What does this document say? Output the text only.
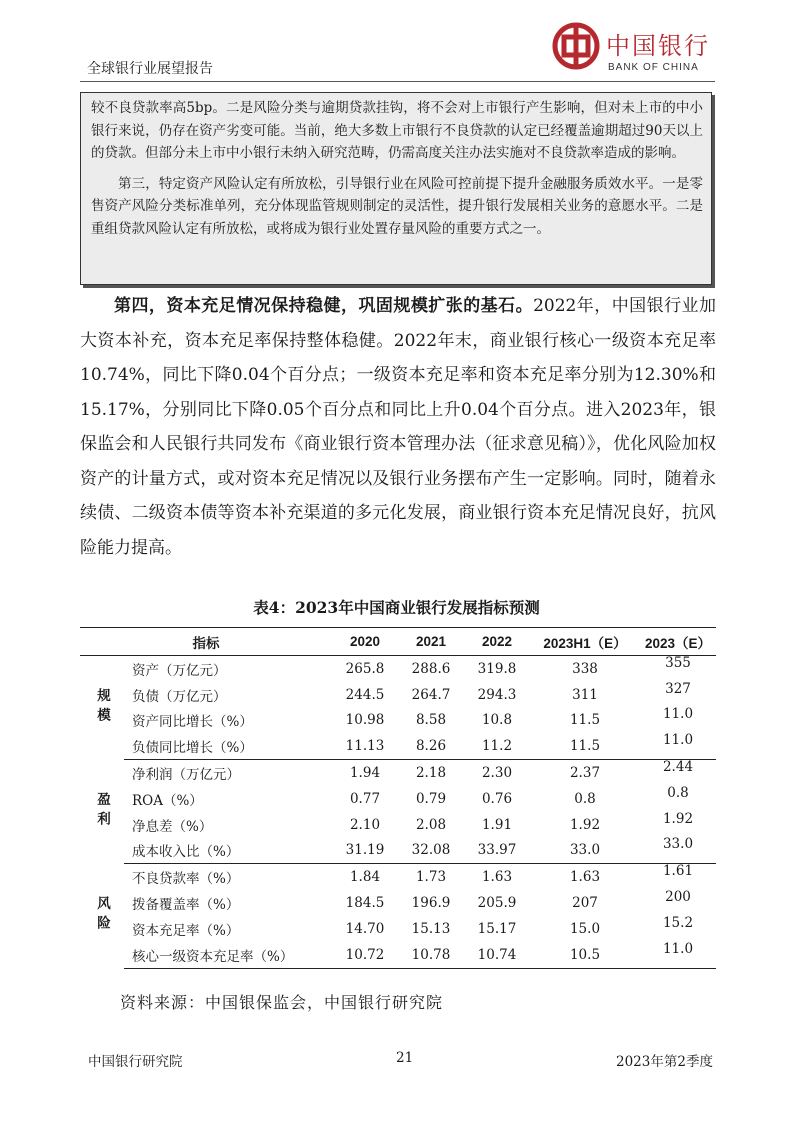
全球银行业展望报告
中国银行
BANK OF CHINA

较不良贷款率高5bp。二是风险分类与逾期贷款挂钩，将不会对上市银行产生影响，但对未上市的中小银行来说，仍存在资产劣变可能。当前，绝大多数上市银行不良贷款的认定已经覆盖逾期超过90天以上的贷款。但部分未上市中小银行未纳入研究范畴，仍需高度关注办法实施对不良贷款率造成的影响。

第三，特定资产风险认定有所放松，引导银行业在风险可控前提下提升金融服务质效水平。一是零售资产风险分类标准单列，充分体现监管规则制定的灵活性，提升银行发展相关业务的意愿水平。二是重组贷款风险认定有所放松，或将成为银行业处置存量风险的重要方式之一。

第四，资本充足情况保持稳健，巩固规模扩张的基石。2022年，中国银行业加大资本补充，资本充足率保持整体稳健。2022年末，商业银行核心一级资本充足率10.74%，同比下降0.04个百分点；一级资本充足率和资本充足率分别为12.30%和15.17%，分别同比下降0.05个百分点和同比上升0.04个百分点。进入2023年，银保监会和人民银行共同发布《商业银行资本管理办法（征求意见稿）》，优化风险加权资产的计量方式，或对资本充足情况以及银行业务摆布产生一定影响。同时，随着永续债、二级资本债等资本补充渠道的多元化发展，商业银行资本充足情况良好，抗风险能力提高。

表4：2023年中国商业银行发展指标预测
指标		2020	2021	2022	2023H1（E）	2023（E）
规模	资产（万亿元）	265.8	288.6	319.8	338	355
	负债（万亿元）	244.5	264.7	294.3	311	327
	资产同比增长（%）	10.98	8.58	10.8	11.5	11.0
	负债同比增长（%）	11.13	8.26	11.2	11.5	11.0
盈利	净利润（万亿元）	1.94	2.18	2.30	2.37	2.44
	ROA（%）	0.77	0.79	0.76	0.8	0.8
	净息差（%）	2.10	2.08	1.91	1.92	1.92
	成本收入比（%）	31.19	32.08	33.97	33.0	33.0
风险	不良贷款率（%）	1.84	1.73	1.63	1.63	1.61
	拨备覆盖率（%）	184.5	196.9	205.9	207	200
	资本充足率（%）	14.70	15.13	15.17	15.0	15.2
	核心一级资本充足率（%）	10.72	10.78	10.74	10.5	11.0
资料来源：中国银保监会，中国银行研究院
中国银行研究院	21	2023年第2季度
